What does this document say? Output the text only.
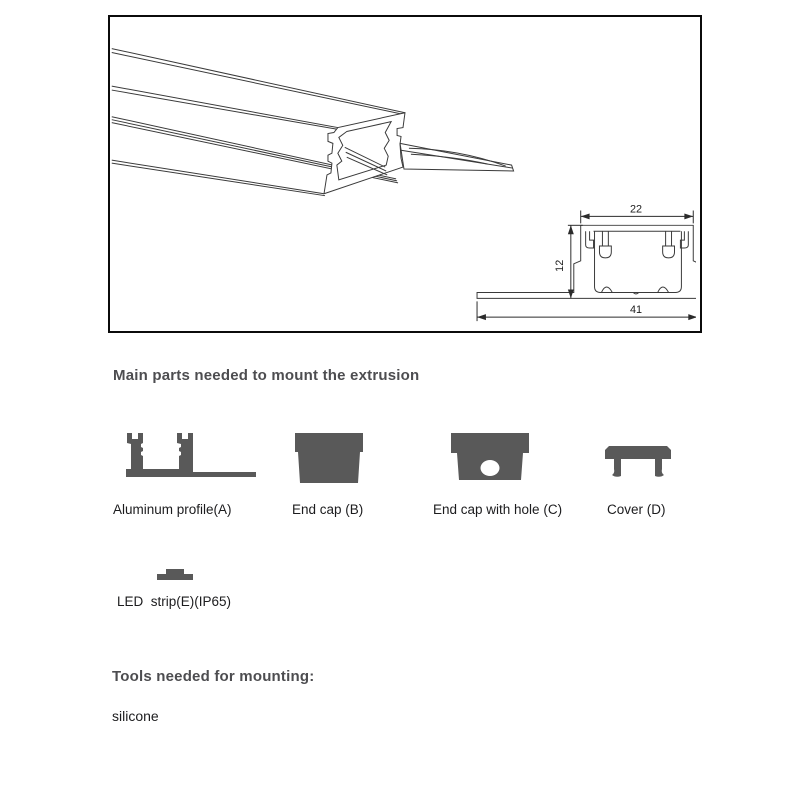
22
12
41
Main parts needed to mount the extrusion
Aluminum profile(A)	End cap (B)	End cap with hole (C)	Cover (D)
LED  strip(E)(IP65)
Tools needed for mounting:
silicone
